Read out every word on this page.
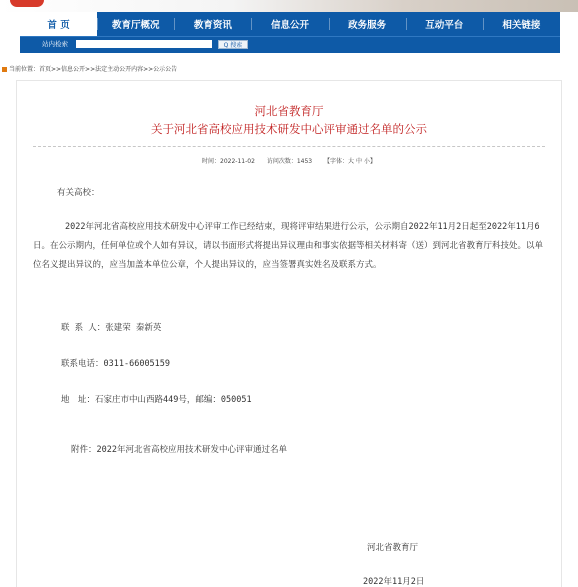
首 页	教育厅概况	教育资讯	信息公开	政务服务	互动平台	相关链接
站内检索	Q 搜索
当前位置：首页>>信息公开>>法定主动公开内容>>公示公告
河北省教育厅
关于河北省高校应用技术研发中心评审通过名单的公示
时间：2022-11-02 访问次数：1453 【字体：大 中 小】
有关高校：
2022年河北省高校应用技术研发中心评审工作已经结束，现将评审结果进行公示，公示期自2022年11月2日起至2022年11月6日。在公示期内，任何单位或个人如有异议，请以书面形式将提出异议理由和事实依据等相关材料寄（送）到河北省教育厅科技处。以单位名义提出异议的，应当加盖本单位公章，个人提出异议的，应当签署真实姓名及联系方式。
联 系 人：张建荣 秦新英
联系电话：0311-66005159
地　址：石家庄市中山西路449号，邮编：050051
附件：2022年河北省高校应用技术研发中心评审通过名单
河北省教育厅
2022年11月2日
